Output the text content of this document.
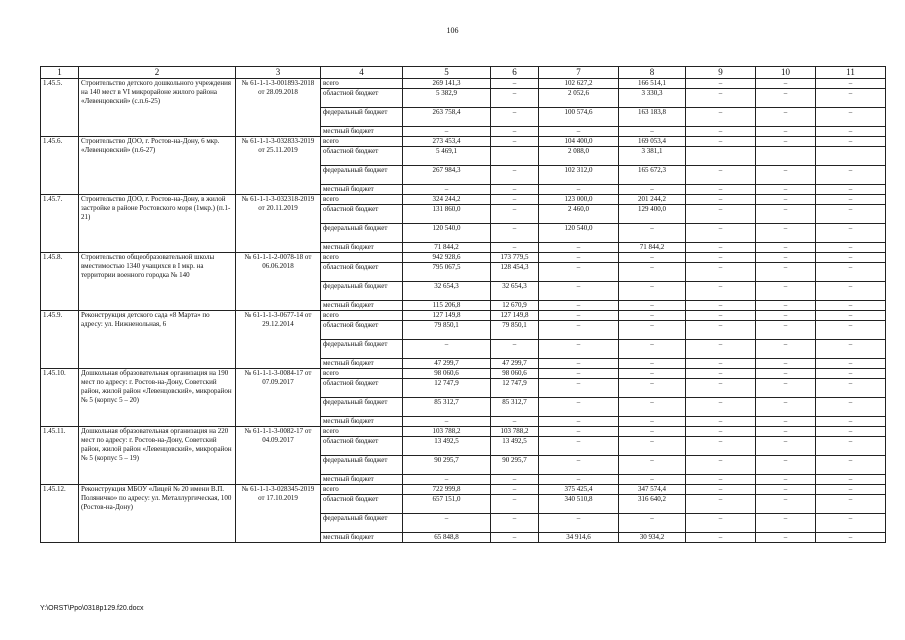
106
1	2	3	4	5	6	7	8	9	10	11
1.45.5.	Строительство детского дошкольного учреждения на 140 мест в VI микрорайоне жилого района «Левенцовский» (с.п.6-25)	№ 61-1-1-3-001893-2018 от 28.09.2018	всего	269 141,3	–	102 627,2	166 514,1	–	–	–
			областной бюджет	5 382,9	–	2 052,6	3 330,3	–	–	–
			федеральный бюджет	263 758,4	–	100 574,6	163 183,8	–	–	–
			местный бюджет	–	–	–	–	–	–	–
1.45.6.	Строительство ДОО, г. Ростов-на-Дону, 6 мкр. «Левенцовский» (п.6-27)	№ 61-1-1-3-032833-2019 от 25.11.2019	всего	273 453,4	–	104 400,0	169 053,4	–	–	–
			областной бюджет	5 469,1		2 088,0	3 381,1			
			федеральный бюджет	267 984,3	–	102 312,0	165 672,3	–	–	–
			местный бюджет	–	–	–	–	–	–	–
1.45.7.	Строительство ДОО, г. Ростов-на-Дону, в жилой застройке в районе Ростовского моря (1мкр.) (п.1-21)	№ 61-1-1-3-032318-2019 от 20.11.2019	всего	324 244,2	–	123 000,0	201 244,2	–	–	–
			областной бюджет	131 860,0	–	2 460,0	129 400,0	–	–	–
			федеральный бюджет	120 540,0	–	120 540,0	–	–	–	–
			местный бюджет	71 844,2	–	–	71 844,2	–	–	–
1.45.8.	Строительство общеобразовательной школы вместимостью 1340 учащихся в I мкр. на территории военного городка № 140	№ 61-1-1-2-0078-18 от 06.06.2018	всего	942 928,6	173 779,5	–	–	–	–	–
			областной бюджет	795 067,5	128 454,3	–	–	–	–	–
			федеральный бюджет	32 654,3	32 654,3	–	–	–	–	–
			местный бюджет	115 206,8	12 670,9	–	–	–	–	–
1.45.9.	Реконструкция детского сада «8 Марта» по адресу: ул. Нижненольная, 6	№ 61-1-1-3-0677-14 от 29.12.2014	всего	127 149,8	127 149,8	–	–	–	–	–
			областной бюджет	79 850,1	79 850,1	–	–	–	–	–
			федеральный бюджет	–	–	–	–	–	–	–
			местный бюджет	47 299,7	47 299,7	–	–	–	–	–
1.45.10.	Дошкольная образовательная организация на 190 мест по адресу: г. Ростов-на-Дону, Советский район, жилой район «Левенцовский», микрорайон № 5 (корпус 5 – 20)	№ 61-1-1-3-0084-17 от 07.09.2017	всего	98 060,6	98 060,6	–	–	–	–	–
			областной бюджет	12 747,9	12 747,9	–	–	–	–	–
			федеральный бюджет	85 312,7	85 312,7	–	–	–	–	–
			местный бюджет	–	–	–	–	–	–	–
1.45.11.	Дошкольная образовательная организация на 220 мест по адресу: г. Ростов-на-Дону, Советский район, жилой район «Левенцовский», микрорайон № 5 (корпус 5 – 19)	№ 61-1-1-3-0082-17 от 04.09.2017	всего	103 788,2	103 788,2	–	–	–	–	–
			областной бюджет	13 492,5	13 492,5	–	–	–	–	–
			федеральный бюджет	90 295,7	90 295,7	–	–	–	–	–
			местный бюджет	–	–	–	–	–	–	–
1.45.12.	Реконструкция МБОУ «Лицей № 20 имени В.П. Поляничко» по адресу: ул. Металлургическая, 100 (Ростов-на-Дону)	№ 61-1-1-3-028345-2019 от 17.10.2019	всего	722 999,8	–	375 425,4	347 574,4	–	–	–
			областной бюджет	657 151,0	–	340 510,8	316 640,2	–	–	–
			федеральный бюджет	–	–	–	–	–	–	–
			местный бюджет	65 848,8	–	34 914,6	30 934,2	–	–	–
Y:\ORST\Ppo\0318p129.f20.docx
